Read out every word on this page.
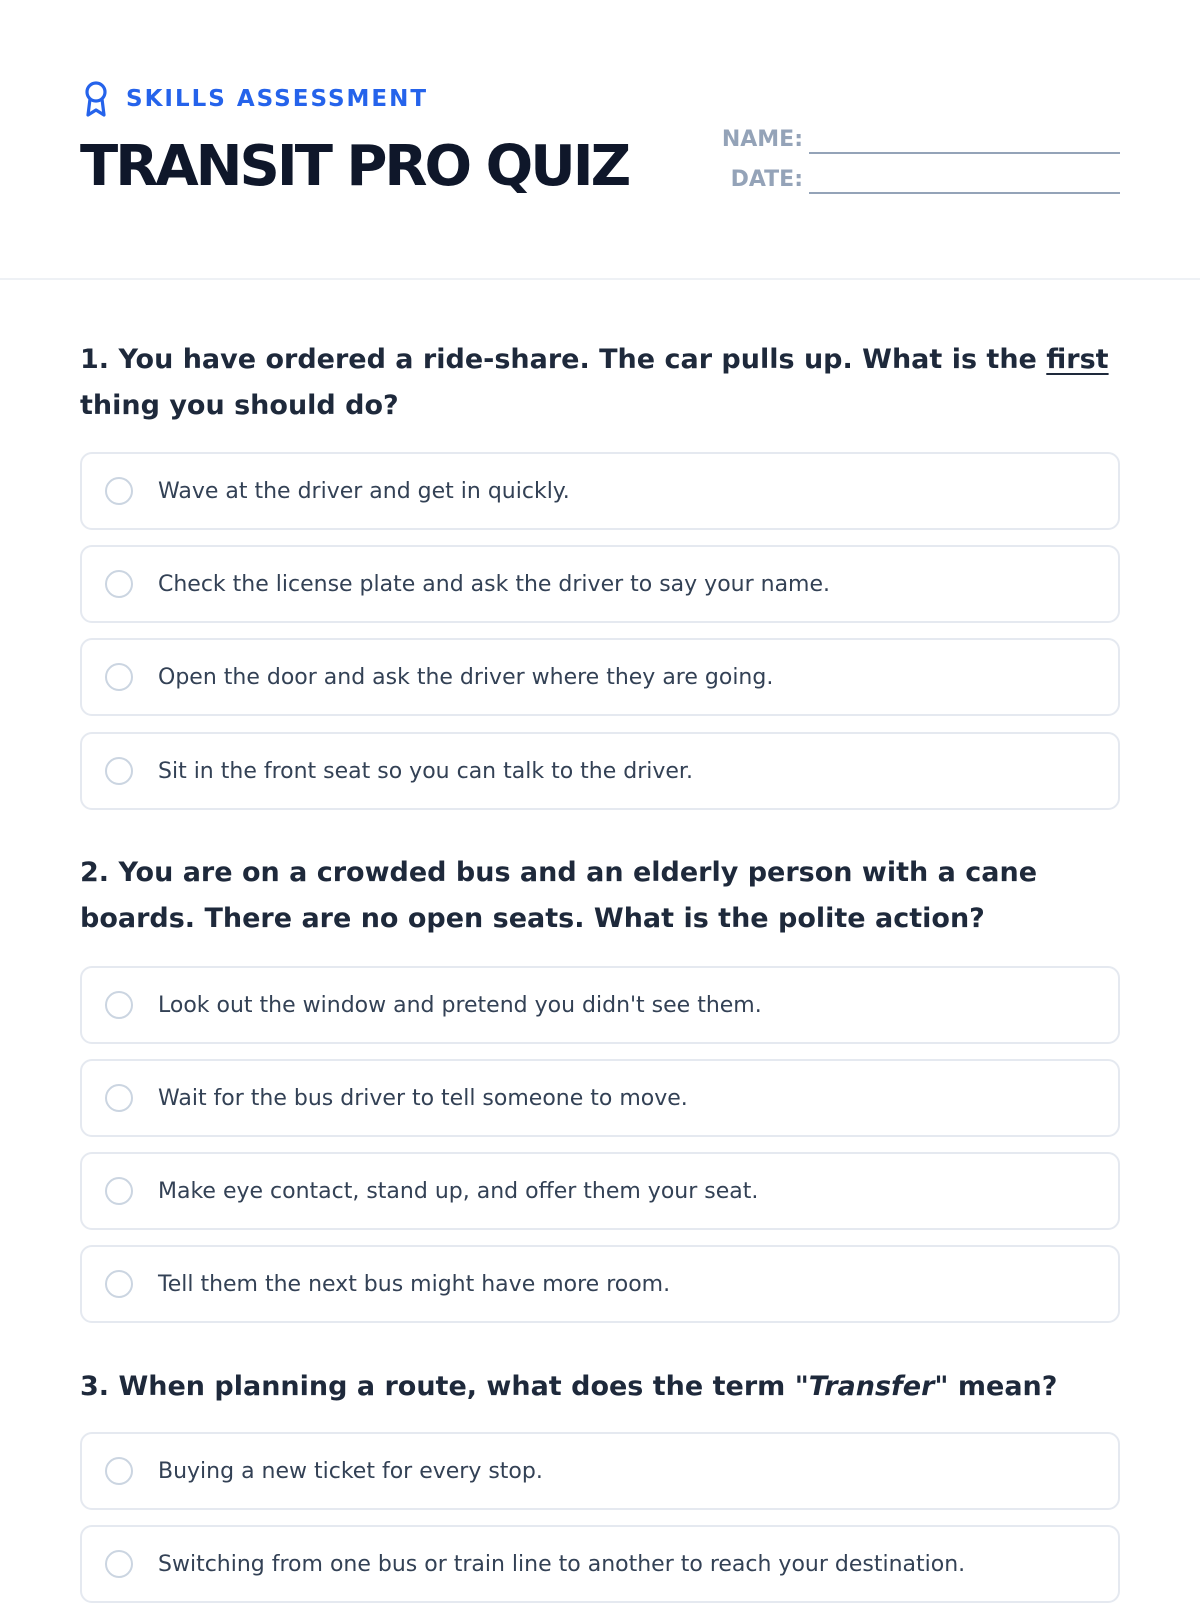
SKILLS ASSESSMENT
TRANSIT PRO QUIZ	NAME:
DATE:

1. You have ordered a ride-share. The car pulls up. What is the first thing you should do?

Wave at the driver and get in quickly.
Check the license plate and ask the driver to say your name.
Open the door and ask the driver where they are going.
Sit in the front seat so you can talk to the driver.

2. You are on a crowded bus and an elderly person with a cane boards. There are no open seats. What is the polite action?

Look out the window and pretend you didn't see them.
Wait for the bus driver to tell someone to move.
Make eye contact, stand up, and offer them your seat.
Tell them the next bus might have more room.

3. When planning a route, what does the term "Transfer" mean?

Buying a new ticket for every stop.
Switching from one bus or train line to another to reach your destination.
